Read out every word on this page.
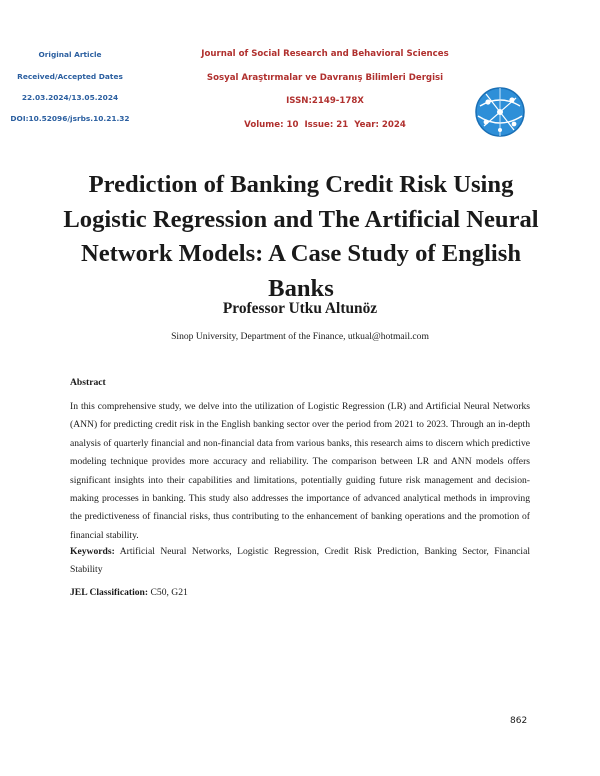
Original Article
Received/Accepted Dates
22.03.2024/13.05.2024
DOI:10.52096/jsrbs.10.21.32
Journal of Social Research and Behavioral Sciences
Sosyal Araştırmalar ve Davranış Bilimleri Dergisi
ISSN:2149-178X
Volume: 10  Issue: 21  Year: 2024
Prediction of Banking Credit Risk Using Logistic Regression and The Artificial Neural Network Models: A Case Study of English Banks
Professor Utku Altunöz
Sinop University, Department of the Finance, utkual@hotmail.com
Abstract
In this comprehensive study, we delve into the utilization of Logistic Regression (LR) and Artificial Neural Networks (ANN) for predicting credit risk in the English banking sector over the period from 2021 to 2023. Through an in-depth analysis of quarterly financial and non-financial data from various banks, this research aims to discern which predictive modeling technique provides more accuracy and reliability. The comparison between LR and ANN models offers significant insights into their capabilities and limitations, potentially guiding future risk management and decision-making processes in banking. This study also addresses the importance of advanced analytical methods in improving the predictiveness of financial risks, thus contributing to the enhancement of banking operations and the promotion of financial stability.
Keywords: Artificial Neural Networks, Logistic Regression, Credit Risk Prediction, Banking Sector, Financial Stability
JEL Classification: C50, G21
862
